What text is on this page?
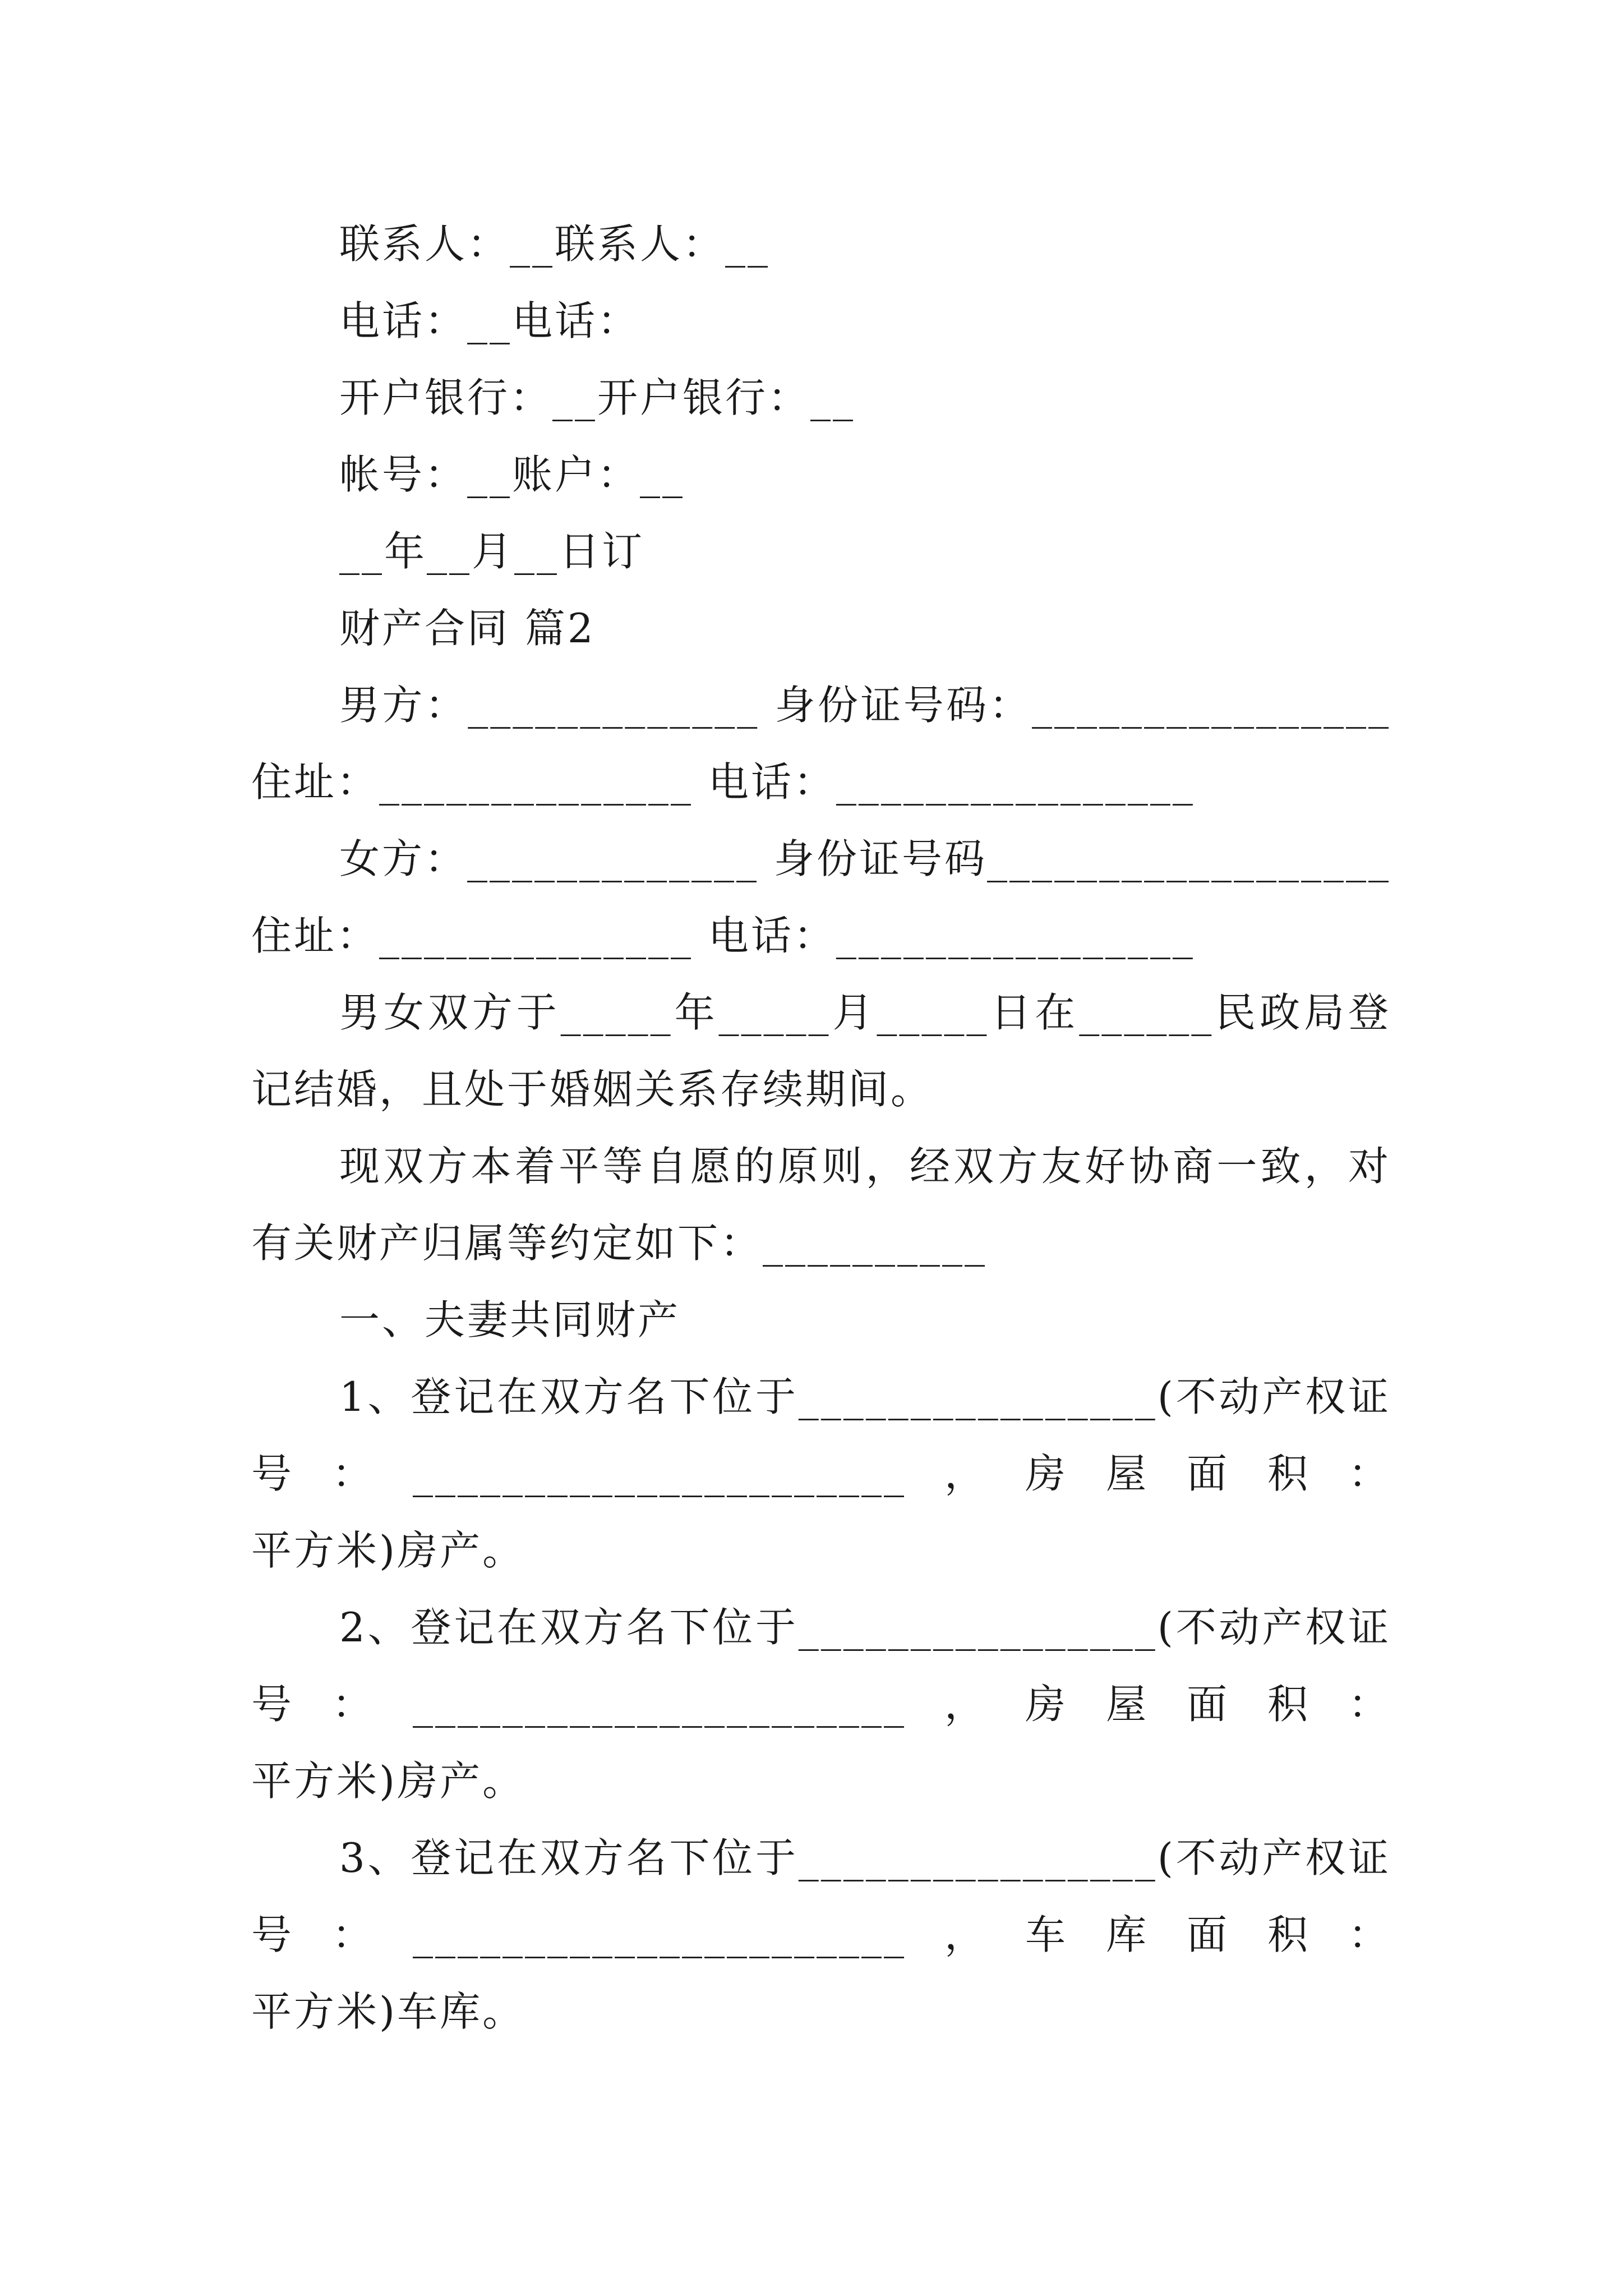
联系人：__联系人：__
电话：__电话：
开户银行：__开户银行：__
帐号：__账户：__
__年__月__日订
财产合同 篇2
男方：_____________ 身份证号码：________________
住址：______________ 电话：________________
女方：_____________ 身份证号码__________________
住址：______________ 电话：________________
男女双方于_____年_____月_____日在______民政局登
记结婚，且处于婚姻关系存续期间。
现双方本着平等自愿的原则，经双方友好协商一致，对
有关财产归属等约定如下：__________
一、夫妻共同财产
1、登记在双方名下位于________________(不动产权证
号：______________________，房屋面积：
平方米)房产。
2、登记在双方名下位于________________(不动产权证
号：______________________，房屋面积：
平方米)房产。
3、登记在双方名下位于________________(不动产权证
号：______________________，车库面积：
平方米)车库。
